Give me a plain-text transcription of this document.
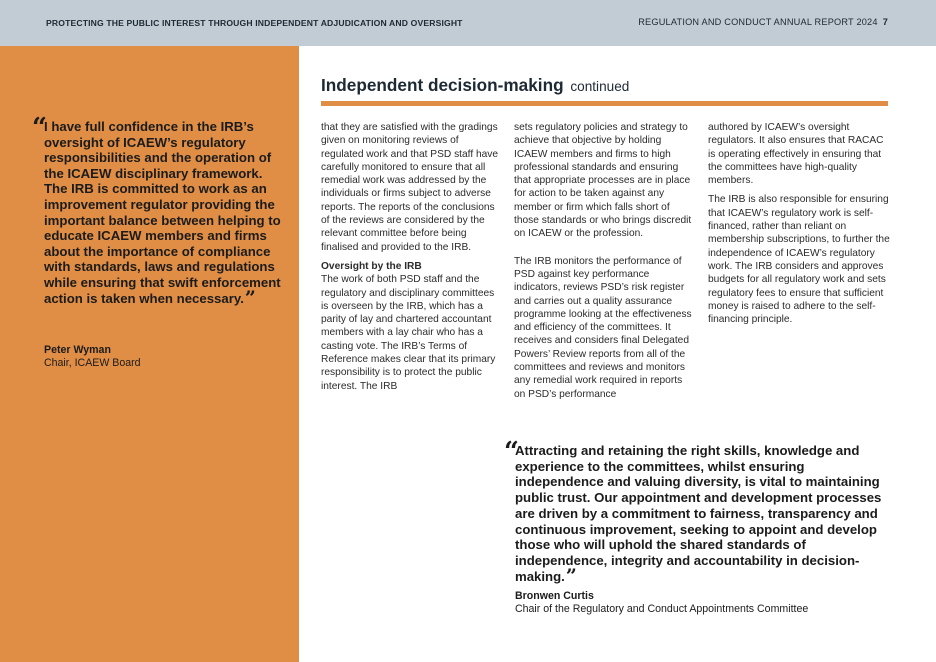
PROTECTING THE PUBLIC INTEREST THROUGH INDEPENDENT ADJUDICATION AND OVERSIGHT	REGULATION AND CONDUCT ANNUAL REPORT 2024 7
“
I have full confidence in the IRB’s oversight of ICAEW’s regulatory responsibilities and the operation of the ICAEW disciplinary framework. The IRB is committed to work as an improvement regulator providing the important balance between helping to educate ICAEW members and firms about the importance of compliance with standards, laws and regulations while ensuring that swift enforcement action is taken when necessary.”
Peter Wyman
Chair, ICAEW Board
Independent decision-making continued

that they are satisfied with the gradings given on monitoring reviews of regulated work and that PSD staff have carefully monitored to ensure that all remedial work was addressed by the individuals or firms subject to adverse reports. The reports of the conclusions of the reviews are considered by the relevant committee before being finalised and provided to the IRB.

Oversight by the IRB

The work of both PSD staff and the regulatory and disciplinary committees is overseen by the IRB, which has a parity of lay and chartered accountant members with a lay chair who has a casting vote. The IRB’s Terms of Reference makes clear that its primary responsibility is to protect the public interest. The IRB

sets regulatory policies and strategy to achieve that objective by holding ICAEW members and firms to high professional standards and ensuring that appropriate processes are in place for action to be taken against any member or firm which falls short of those standards or who brings discredit on ICAEW or the profession.

The IRB monitors the performance of PSD against key performance indicators, reviews PSD’s risk register and carries out a quality assurance programme looking at the effectiveness and efficiency of the committees. It receives and considers final Delegated Powers’ Review reports from all of the committees and reviews and monitors any remedial work required in reports on PSD’s performance

authored by ICAEW’s oversight regulators. It also ensures that RACAC is operating effectively in ensuring that the committees have high-quality members.

The IRB is also responsible for ensuring that ICAEW’s regulatory work is self-financed, rather than reliant on membership subscriptions, to further the independence of ICAEW’s regulatory work. The IRB considers and approves budgets for all regulatory work and sets regulatory fees to ensure that sufficient money is raised to adhere to the self-financing principle.

“
Attracting and retaining the right skills, knowledge and experience to the committees, whilst ensuring independence and valuing diversity, is vital to maintaining public trust. Our appointment and development processes are driven by a commitment to fairness, transparency and continuous improvement, seeking to appoint and develop those who will uphold the shared standards of independence, integrity and accountability in decision-making.”
Bronwen Curtis
Chair of the Regulatory and Conduct Appointments Committee
